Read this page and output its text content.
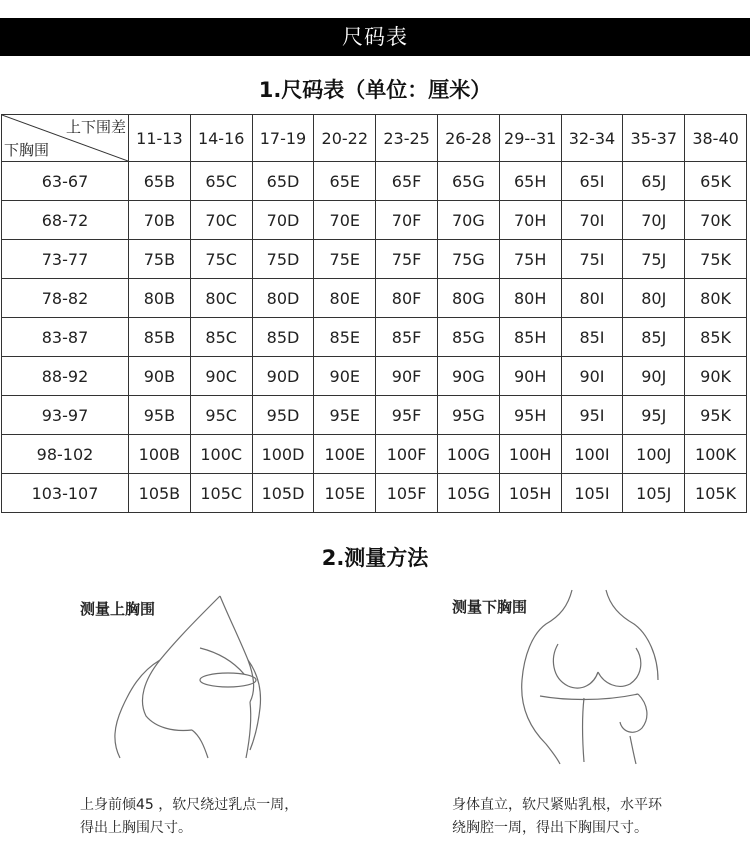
尺码表
1.尺码表（单位：厘米）
上下围差
下胸围	11-13	14-16	17-19	20-22	23-25	26-28	29--31	32-34	35-37	38-40
63-67	65B	65C	65D	65E	65F	65G	65H	65I	65J	65K
68-72	70B	70C	70D	70E	70F	70G	70H	70I	70J	70K
73-77	75B	75C	75D	75E	75F	75G	75H	75I	75J	75K
78-82	80B	80C	80D	80E	80F	80G	80H	80I	80J	80K
83-87	85B	85C	85D	85E	85F	85G	85H	85I	85J	85K
88-92	90B	90C	90D	90E	90F	90G	90H	90I	90J	90K
93-97	95B	95C	95D	95E	95F	95G	95H	95I	95J	95K
98-102	100B	100C	100D	100E	100F	100G	100H	100I	100J	100K
103-107	105B	105C	105D	105E	105F	105G	105H	105I	105J	105K
2.测量方法
测量上胸围
上身前倾45 ，软尺绕过乳点一周，
得出上胸围尺寸。
测量下胸围
身体直立，软尺紧贴乳根，水平环
绕胸腔一周，得出下胸围尺寸。
